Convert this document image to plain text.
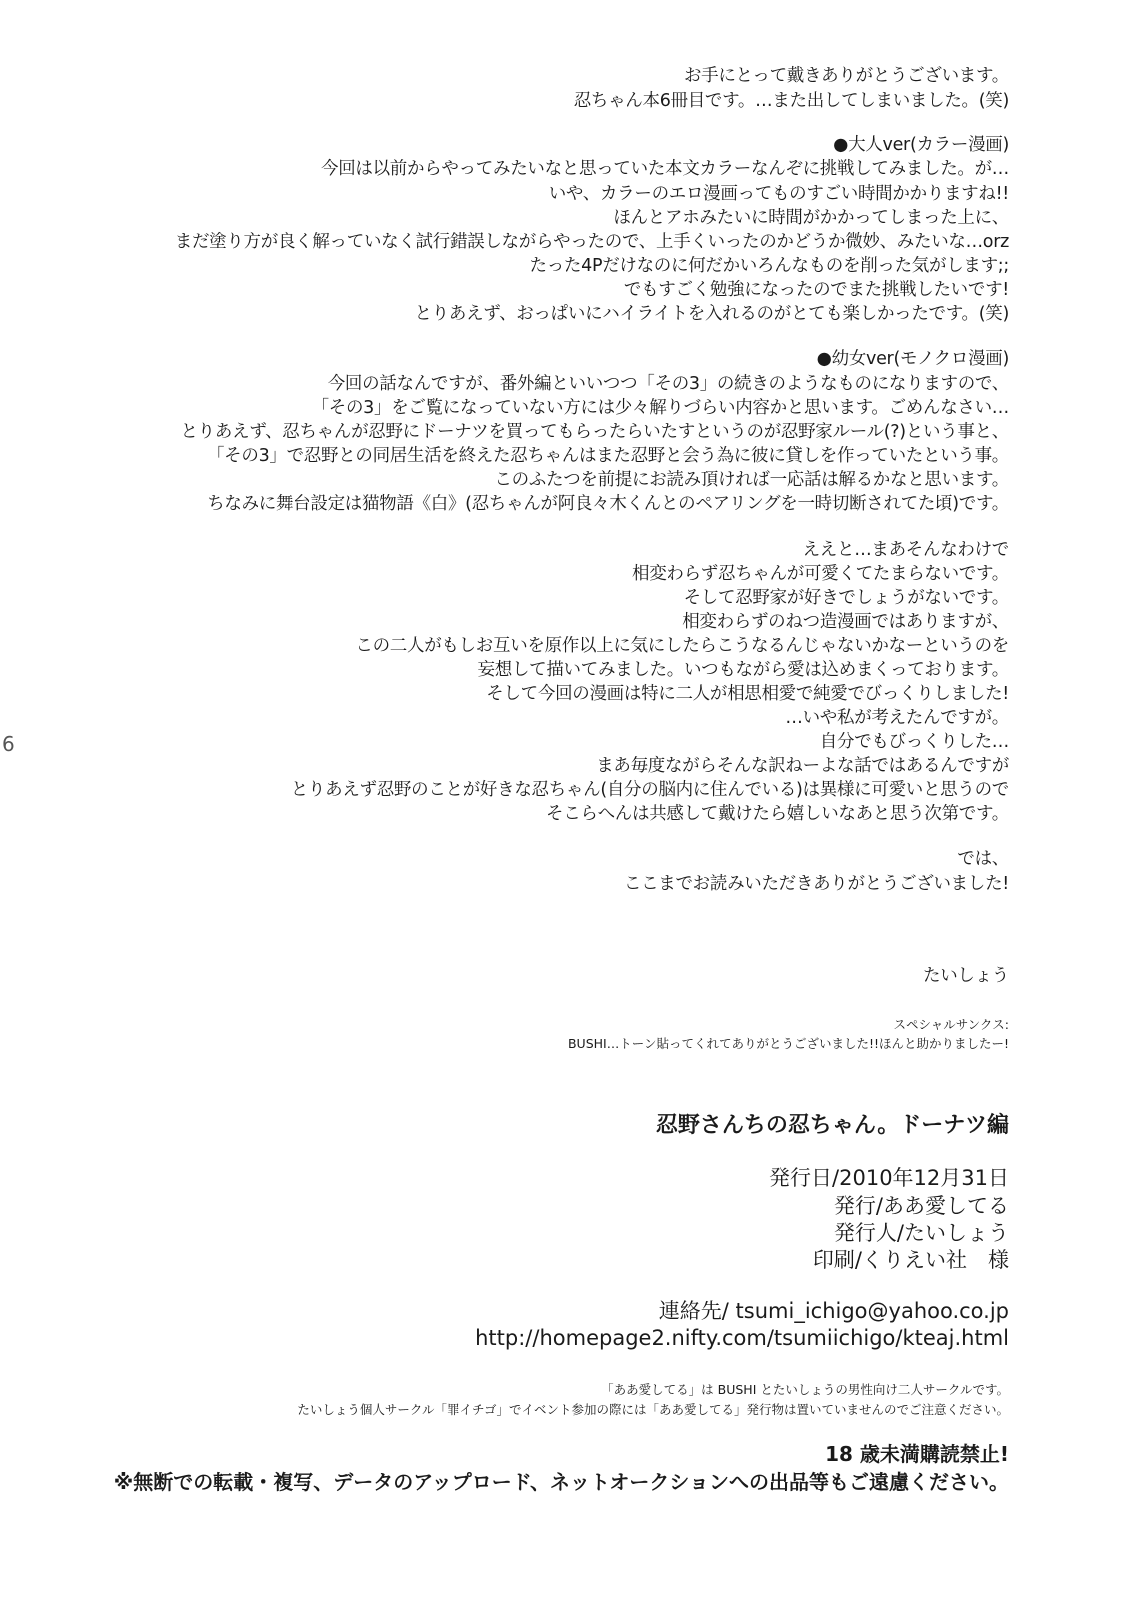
6
お手にとって戴きありがとうございます。
忍ちゃん本6冊目です。…また出してしまいました。(笑)
●大人ver(カラー漫画)
今回は以前からやってみたいなと思っていた本文カラーなんぞに挑戦してみました。が…
いや、カラーのエロ漫画ってものすごい時間かかりますね!!
ほんとアホみたいに時間がかかってしまった上に、
まだ塗り方が良く解っていなく試行錯誤しながらやったので、上手くいったのかどうか微妙、みたいな…orz
たった4Pだけなのに何だかいろんなものを削った気がします;;
でもすごく勉強になったのでまた挑戦したいです!
とりあえず、おっぱいにハイライトを入れるのがとても楽しかったです。(笑)
●幼女ver(モノクロ漫画)
今回の話なんですが、番外編といいつつ「その3」の続きのようなものになりますので、
「その3」をご覧になっていない方には少々解りづらい内容かと思います。ごめんなさい…
とりあえず、忍ちゃんが忍野にドーナツを買ってもらったらいたすというのが忍野家ルール(?)という事と、
「その3」で忍野との同居生活を終えた忍ちゃんはまた忍野と会う為に彼に貸しを作っていたという事。
このふたつを前提にお読み頂ければ一応話は解るかなと思います。
ちなみに舞台設定は猫物語《白》(忍ちゃんが阿良々木くんとのペアリングを一時切断されてた頃)です。
ええと…まあそんなわけで
相変わらず忍ちゃんが可愛くてたまらないです。
そして忍野家が好きでしょうがないです。
相変わらずのねつ造漫画ではありますが、
この二人がもしお互いを原作以上に気にしたらこうなるんじゃないかなーというのを
妄想して描いてみました。いつもながら愛は込めまくっております。
そして今回の漫画は特に二人が相思相愛で純愛でびっくりしました!
…いや私が考えたんですが。
自分でもびっくりした…
まあ毎度ながらそんな訳ねーよな話ではあるんですが
とりあえず忍野のことが好きな忍ちゃん(自分の脳内に住んでいる)は異様に可愛いと思うので
そこらへんは共感して戴けたら嬉しいなあと思う次第です。
では、
ここまでお読みいただきありがとうございました!
たいしょう
スペシャルサンクス:
BUSHI…トーン貼ってくれてありがとうございました!!ほんと助かりましたー!
忍野さんちの忍ちゃん。ドーナツ編
発行日/2010年12月31日
発行/ああ愛してる
発行人/たいしょう
印刷/くりえい社　様
連絡先/ tsumi_ichigo@yahoo.co.jp
http://homepage2.nifty.com/tsumiichigo/kteaj.html
「ああ愛してる」は BUSHI とたいしょうの男性向け二人サークルです。
たいしょう個人サークル「罪イチゴ」でイベント参加の際には「ああ愛してる」発行物は置いていませんのでご注意ください。
18 歳未満購読禁止!
※無断での転載・複写、データのアップロード、ネットオークションへの出品等もご遠慮ください。
